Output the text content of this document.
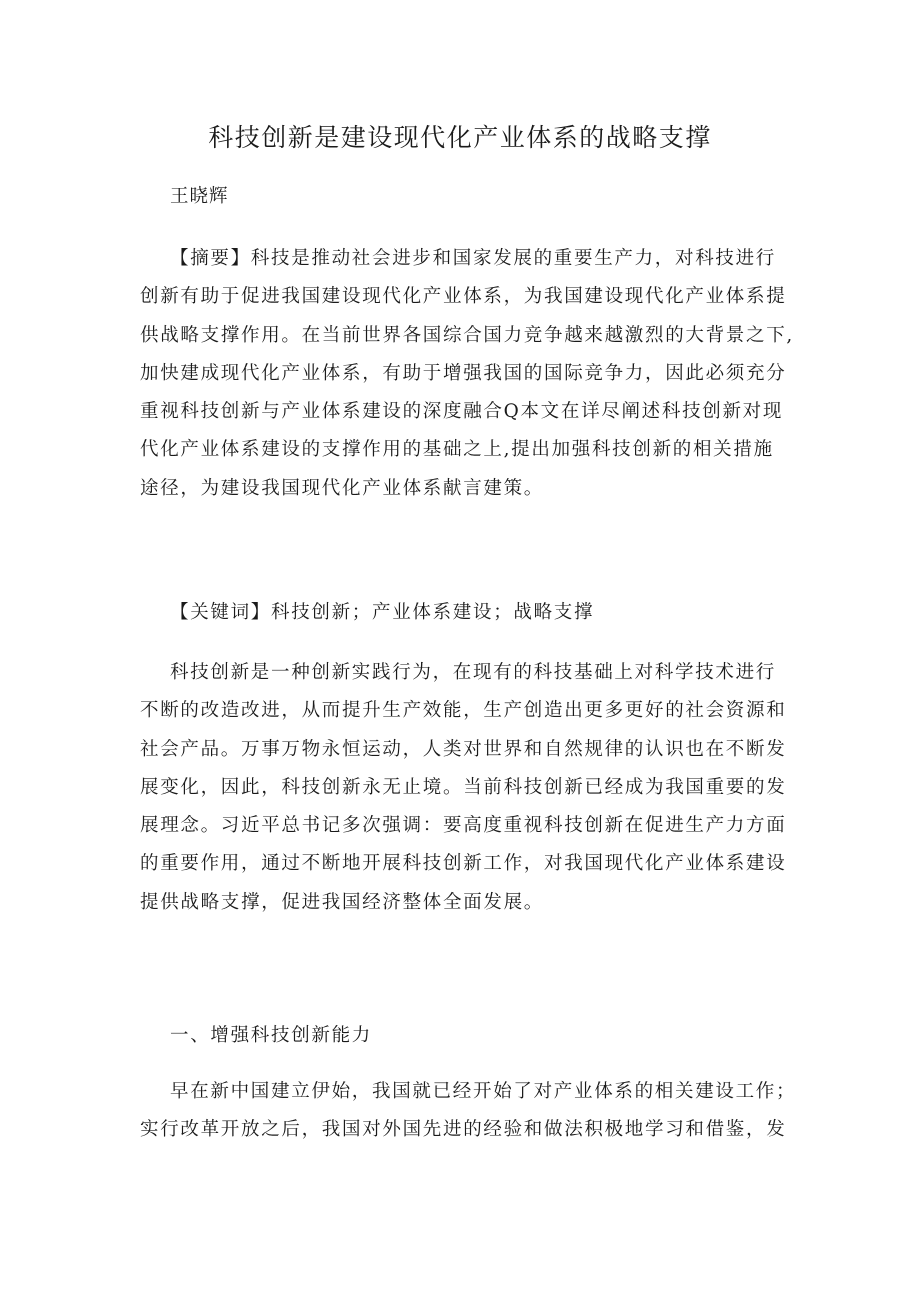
科技创新是建设现代化产业体系的战略支撑

王晓辉

【摘要】科技是推动社会进步和国家发展的重要生产力，对科技进行
创新有助于促进我国建设现代化产业体系，为我国建设现代化产业体系提
供战略支撑作用。在当前世界各国综合国力竞争越来越激烈的大背景之下,
加快建成现代化产业体系，有助于增强我国的国际竞争力，因此必须充分
重视科技创新与产业体系建设的深度融合Q本文在详尽阐述科技创新对现
代化产业体系建设的支撑作用的基础之上,提出加强科技创新的相关措施
途径，为建设我国现代化产业体系献言建策。
【关键词】科技创新；产业体系建设；战略支撑
科技创新是一种创新实践行为，在现有的科技基础上对科学技术进行
不断的改造改进，从而提升生产效能，生产创造出更多更好的社会资源和
社会产品。万事万物永恒运动，人类对世界和自然规律的认识也在不断发
展变化，因此，科技创新永无止境。当前科技创新已经成为我国重要的发
展理念。习近平总书记多次强调：要高度重视科技创新在促进生产力方面
的重要作用，通过不断地开展科技创新工作，对我国现代化产业体系建设
提供战略支撑，促进我国经济整体全面发展。
一、增强科技创新能力
早在新中国建立伊始，我国就已经开始了对产业体系的相关建设工作；
实行改革开放之后，我国对外国先进的经验和做法积极地学习和借鉴，发
